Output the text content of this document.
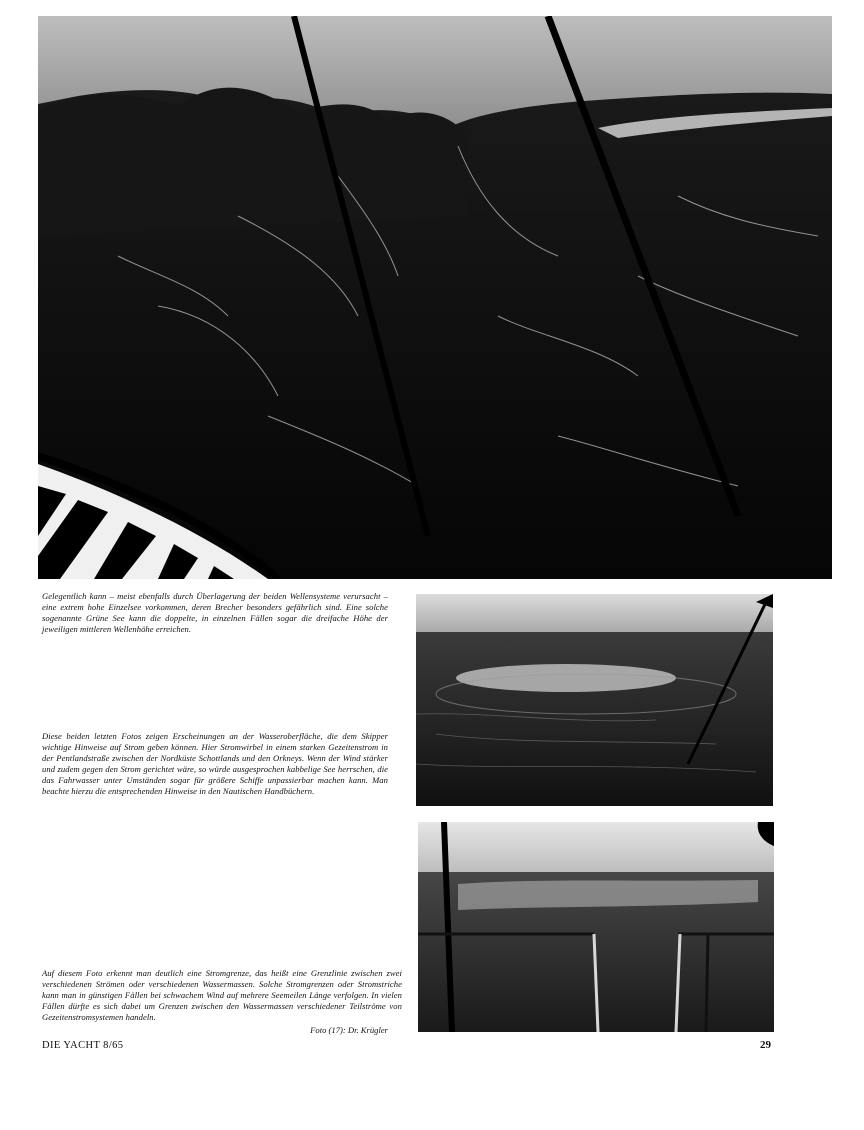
Gelegentlich kann – meist ebenfalls durch Überlagerung der beiden Wellensysteme verursacht – eine extrem hohe Einzelsee vorkommen, deren Brecher besonders gefährlich sind. Eine solche sogenannte Grüne See kann die doppelte, in einzelnen Fällen sogar die dreifache Höhe der jeweiligen mittleren Wellenhöhe erreichen.

Diese beiden letzten Fotos zeigen Erscheinungen an der Wasseroberfläche, die dem Skipper wichtige Hinweise auf Strom geben können. Hier Stromwirbel in einem starken Gezeitenstrom in der Pentlandstraße zwischen der Nordküste Schottlands und den Orkneys. Wenn der Wind stärker und zudem gegen den Strom gerichtet wäre, so würde ausgesprochen kabbelige See herrschen, die das Fahrwasser unter Umständen sogar für größere Schiffe unpassierbar machen kann. Man beachte hierzu die entsprechenden Hinweise in den Nautischen Handbüchern.

Auf diesem Foto erkennt man deutlich eine Stromgrenze, das heißt eine Grenzlinie zwischen zwei verschiedenen Strömen oder verschiedenen Wassermassen. Solche Stromgrenzen oder Stromstriche kann man in günstigen Fällen bei schwachem Wind auf mehrere Seemeilen Länge verfolgen. In vielen Fällen dürfte es sich dabei um Grenzen zwischen den Wassermassen verschiedener Teilströme von Gezeitenstromsystemen handeln.

Foto (17): Dr. Krügler
DIE YACHT 8/65	29
